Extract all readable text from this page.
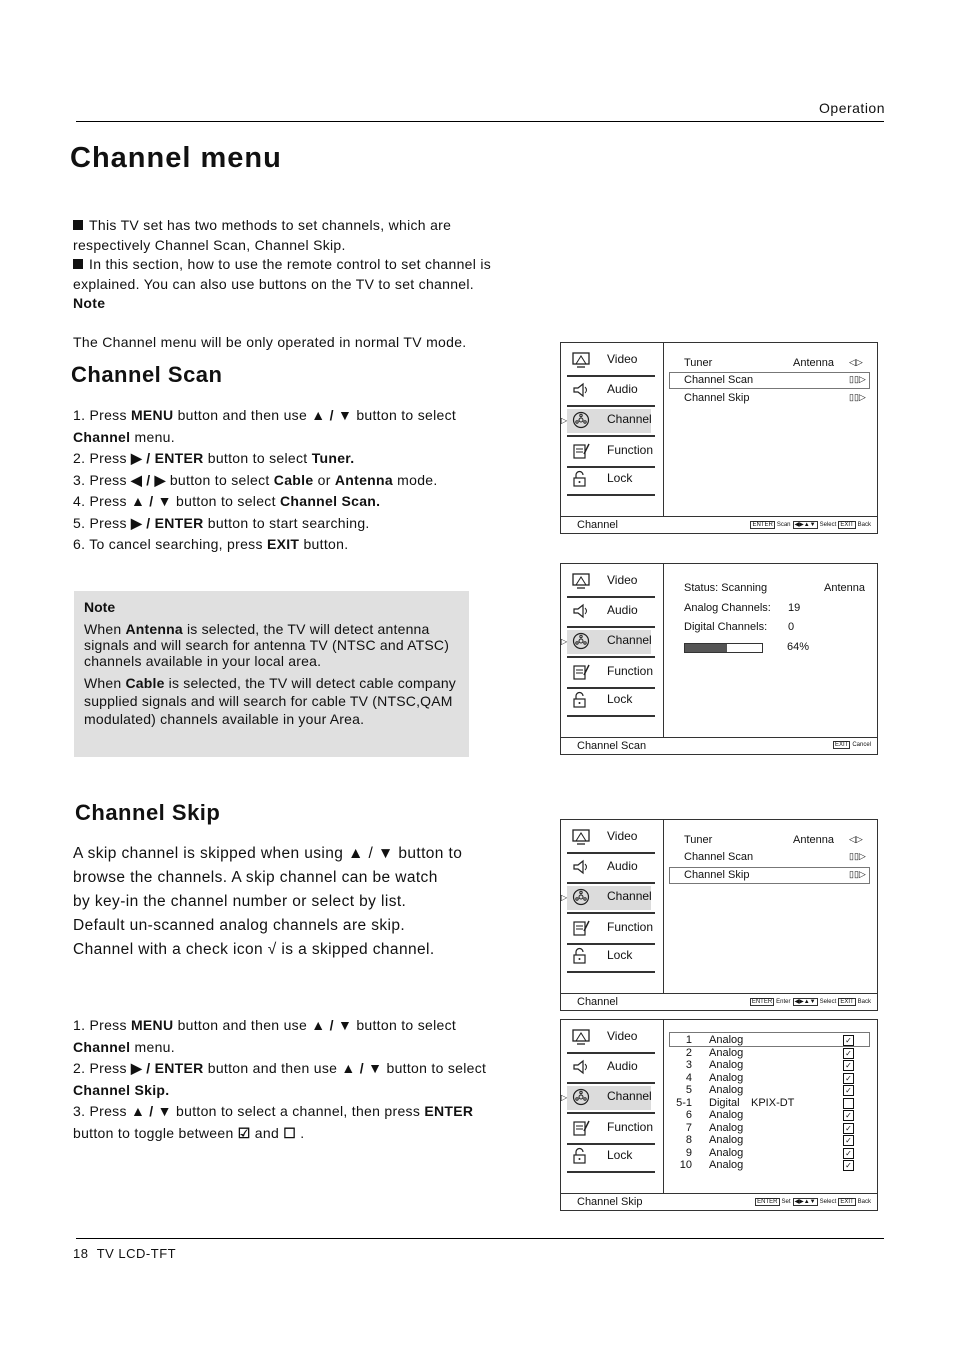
Operation
Channel menu
This TV set has two methods to set channels, which are respectively Channel Scan, Channel Skip.
In this section, how to use the remote control to set channel is explained. You can also use buttons on the TV to set channel.
Note
The Channel menu will be only operated in normal TV mode.
Channel Scan
1. Press MENU button and then use ▲ / ▼ button to select
Channel menu.
2. Press ▶ / ENTER button to select Tuner.
3. Press ◀ / ▶ button to select Cable or Antenna mode.
4. Press ▲ / ▼ button to select Channel Scan.
5. Press ▶ / ENTER button to start searching.
6. To cancel searching, press EXIT button.
Note
When Antenna is selected, the TV will detect antenna signals and will search for antenna TV (NTSC and ATSC) channels available in your local area.
When Cable is selected, the TV will detect cable company supplied signals and will search for cable TV (NTSC,QAM modulated) channels available in your Area.
Channel Skip
A skip channel is skipped when using ▲ / ▼ button to
browse the channels. A skip channel can be watch
by key-in the channel number or select by list.
Default un-scanned analog channels are skip.
Channel with a check icon √ is a skipped channel.
1. Press MENU button and then use ▲ / ▼ button to select
Channel menu.
2. Press ▶ / ENTER button and then use ▲ / ▼ button to select
Channel Skip.
3. Press ▲ / ▼ button to select a channel, then press ENTER
button to toggle between ☑ and ☐ .
Video
Audio
Channel
▷
Function
Lock
Tuner	Antenna ◁▷
Channel Scan	▯▯▷
Channel Skip	▯▯▷
Channel	ENTER Scan ◀▶▲▼ Select EXIT Back
Video
Audio
Channel
▷
Function
Lock
Status: Scanning	Antenna
Analog Channels: 19
Digital Channels: 0
64%
Channel Scan	EXIT Cancel
Video
Audio
Channel
▷
Function
Lock
Tuner	Antenna ◁▷
Channel Scan	▯▯▷
Channel Skip	▯▯▷
Channel	ENTER Enter ◀▶▲▼ Select EXIT Back
Video
Audio
Channel
▷
Function
Lock
1 Analog	✓
2 Analog	✓
3 Analog	✓
4 Analog	✓
5 Analog	✓
5-1 Digital KPIX-DT
6 Analog	✓
7 Analog	✓
8 Analog	✓
9 Analog	✓
10 Analog	✓
Channel Skip	ENTER Set ◀▶▲▼ Select EXIT Back
18 TV LCD-TFT
